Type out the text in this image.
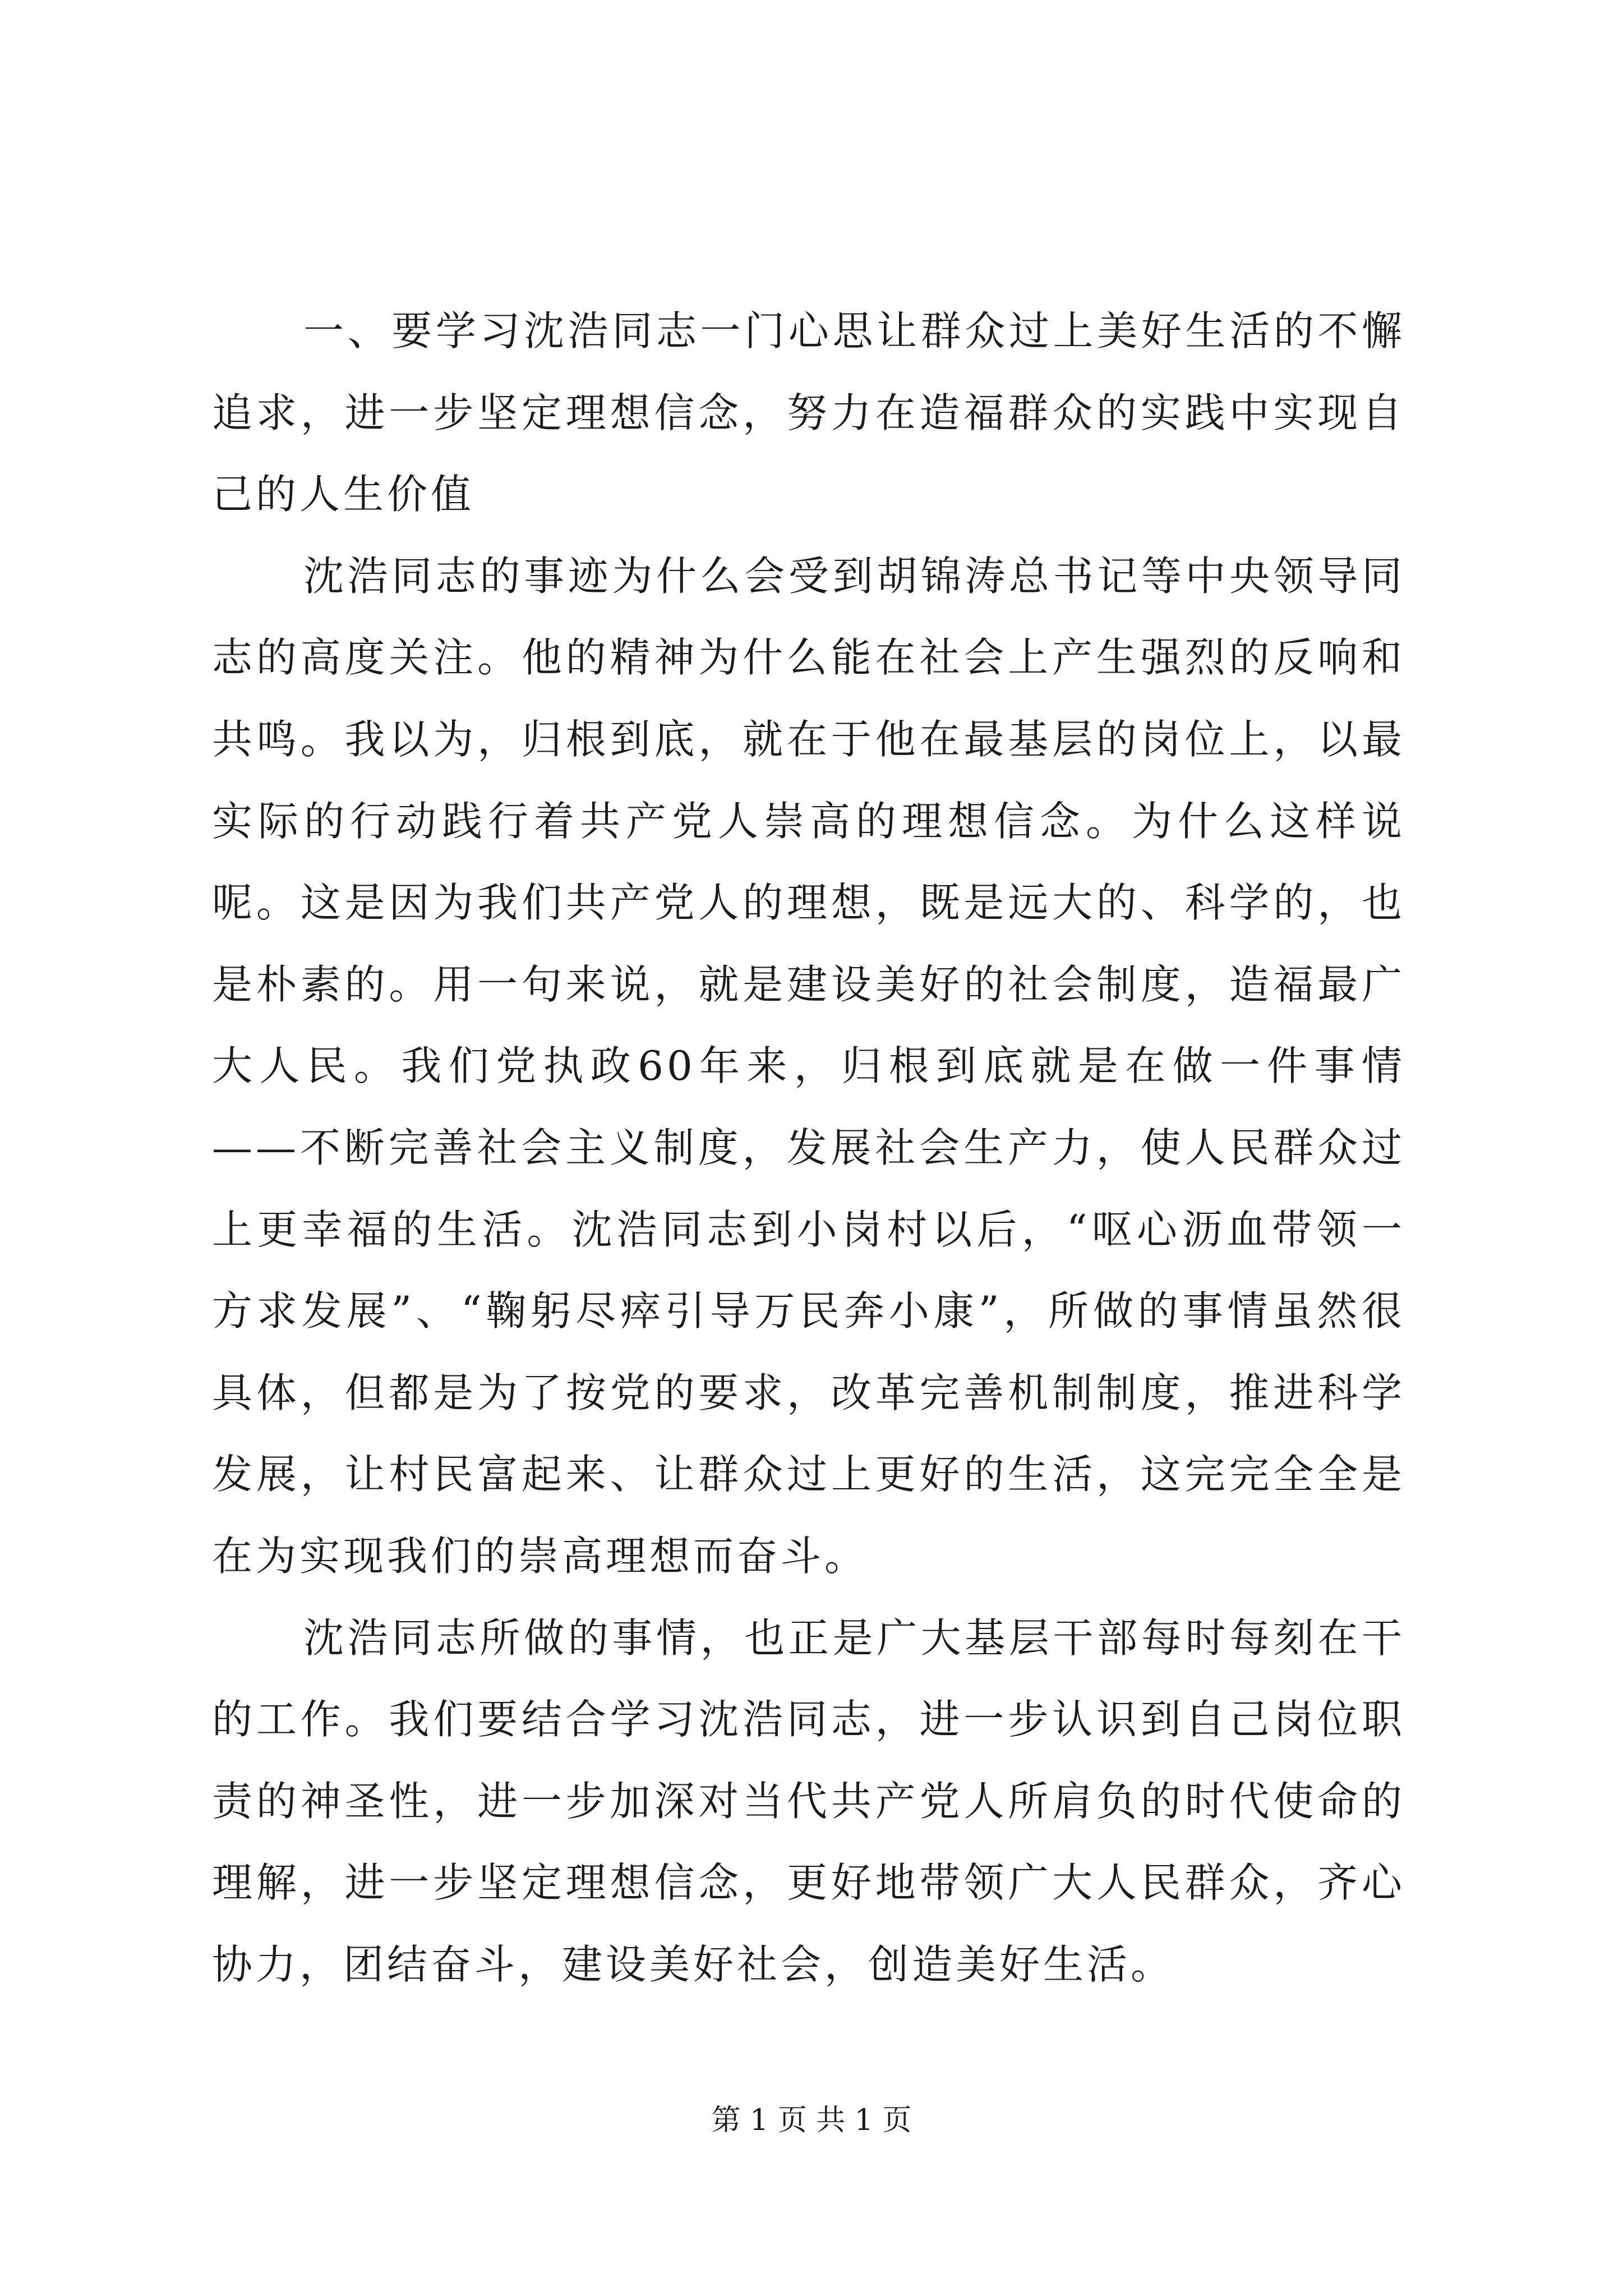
一、要学习沈浩同志一门心思让群众过上美好生活的不懈追求，进一步坚定理想信念，努力在造福群众的实践中实现自己的人生价值

沈浩同志的事迹为什么会受到胡锦涛总书记等中央领导同志的高度关注。他的精神为什么能在社会上产生强烈的反响和共鸣。我以为，归根到底，就在于他在最基层的岗位上，以最实际的行动践行着共产党人崇高的理想信念。为什么这样说呢。这是因为我们共产党人的理想，既是远大的、科学的，也是朴素的。用一句来说，就是建设美好的社会制度，造福最广大人民。我们党执政60年来，归根到底就是在做一件事情——不断完善社会主义制度，发展社会生产力，使人民群众过上更幸福的生活。沈浩同志到小岗村以后，“呕心沥血带领一方求发展”、“鞠躬尽瘁引导万民奔小康”，所做的事情虽然很具体，但都是为了按党的要求，改革完善机制制度，推进科学发展，让村民富起来、让群众过上更好的生活，这完完全全是在为实现我们的崇高理想而奋斗。

沈浩同志所做的事情，也正是广大基层干部每时每刻在干的工作。我们要结合学习沈浩同志，进一步认识到自己岗位职责的神圣性，进一步加深对当代共产党人所肩负的时代使命的理解，进一步坚定理想信念，更好地带领广大人民群众，齐心协力，团结奋斗，建设美好社会，创造美好生活。

第 1 页 共 1 页
